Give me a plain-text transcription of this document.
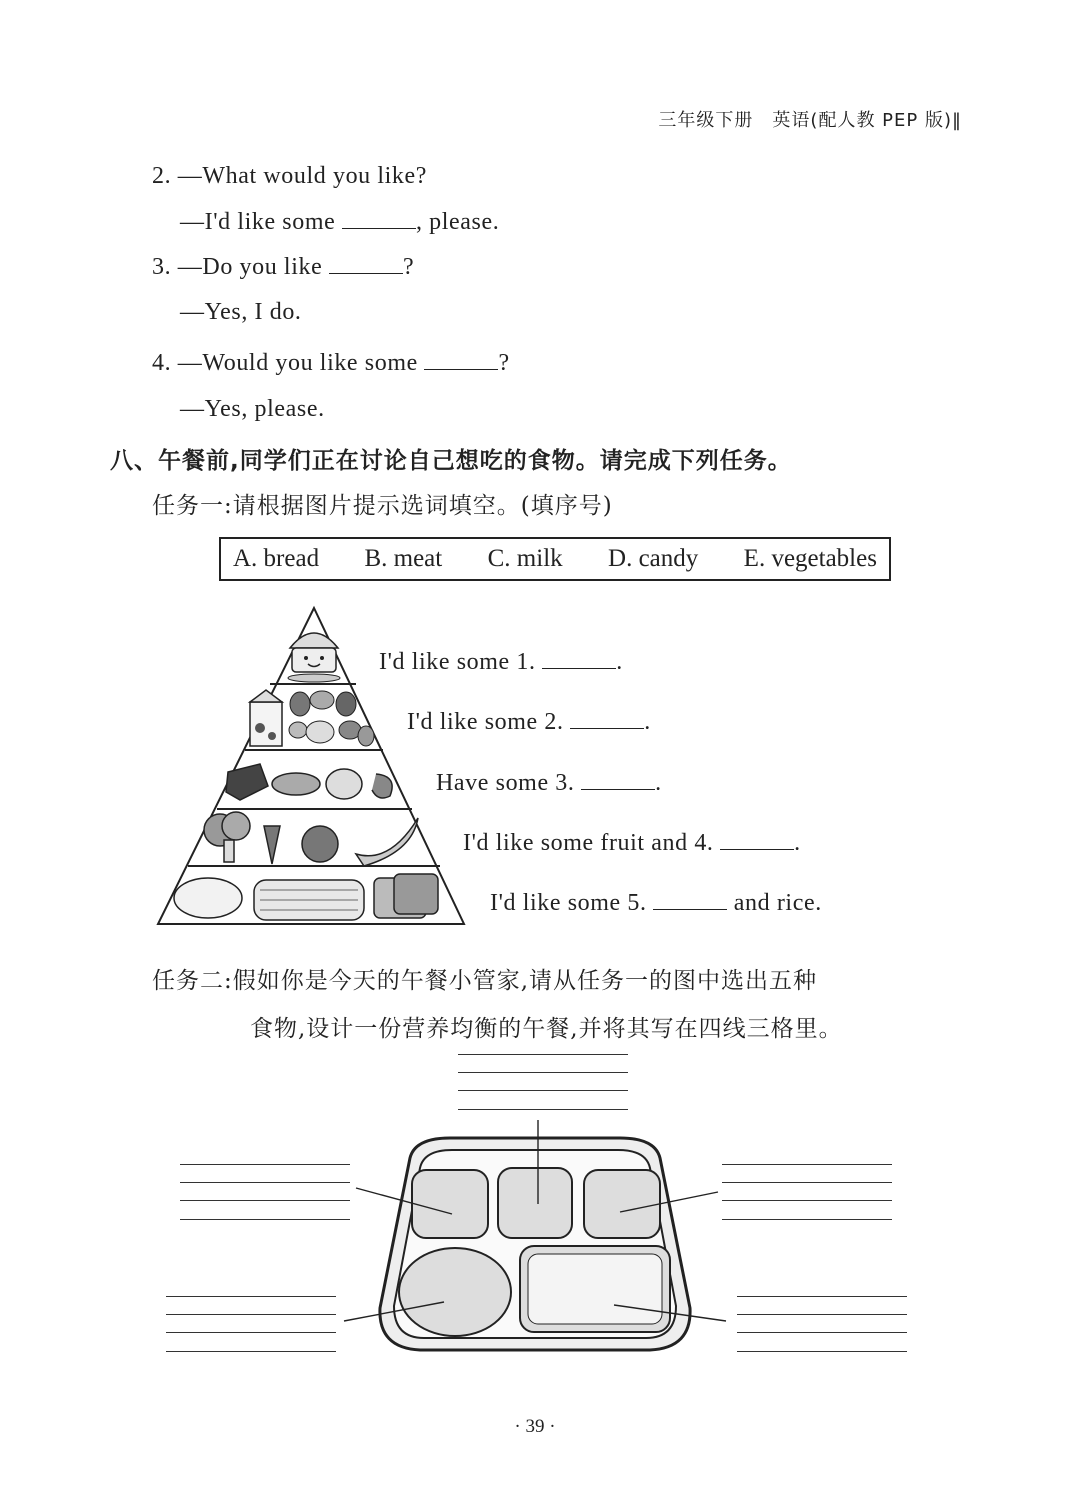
三年级下册　英语(配人教 PEP 版)‖
2. —What would you like?
—I'd like some	, please.
3. —Do you like	?
—Yes, I do.
4. —Would you like some	?
—Yes, please.
八、午餐前,同学们正在讨论自己想吃的食物。请完成下列任务。
任务一:请根据图片提示选词填空。(填序号)
A. bread B. meat C. milk D. candy E. vegetables
I'd like some 1.	.
I'd like some 2.	.
Have some 3.	.
I'd like some fruit and 4.	.
I'd like some 5.	and rice.
任务二:假如你是今天的午餐小管家,请从任务一的图中选出五种
食物,设计一份营养均衡的午餐,并将其写在四线三格里。
· 39 ·
